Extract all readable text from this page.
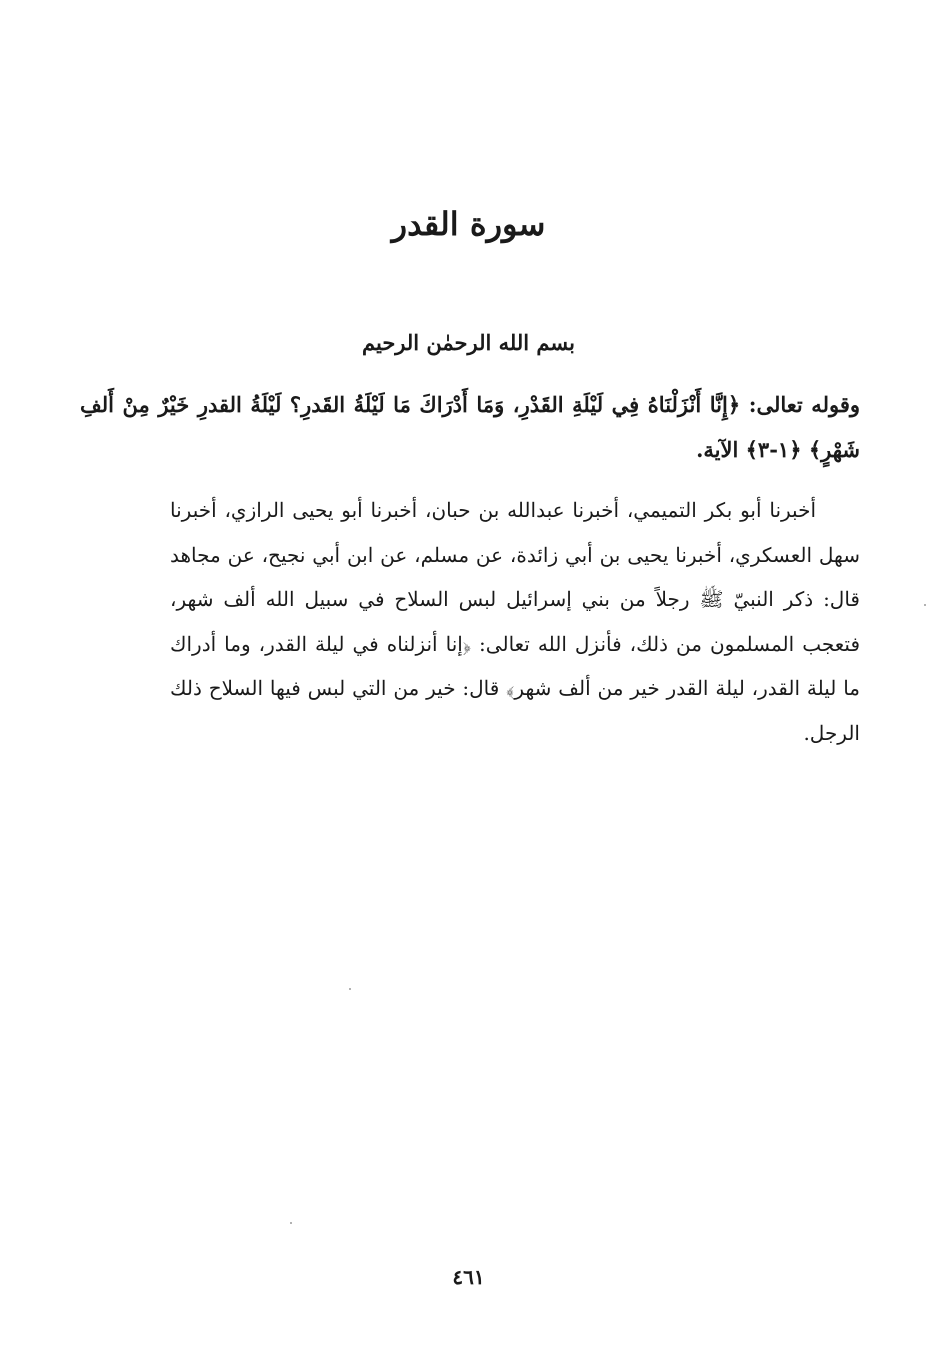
سورة القدر

بسم الله الرحمٰن الرحيم

وقوله تعالى: ﴿إِنَّا أَنْزَلْنَاهُ فِي لَيْلَةِ القَدْرِ، وَمَا أَدْرَاكَ مَا لَيْلَةُ القَدرِ؟ لَيْلَةُ القدرِ خَيْرٌ مِنْ أَلفِ شَهْرٍ﴾ ﴿١-٣﴾ الآية.

أخبرنا أبو بكر التميمي، أخبرنا عبدالله بن حبان، أخبرنا أبو يحيى الرازي، أخبرنا سهل العسكري، أخبرنا يحيى بن أبي زائدة، عن مسلم، عن ابن أبي نجيح، عن مجاهد قال: ذكر النبيّ ﷺ رجلاً من بني إسرائيل لبس السلاح في سبيل الله ألف شهر، فتعجب المسلمون من ذلك، فأنزل الله تعالى: ﴿إنا أنزلناه في ليلة القدر، وما أدراك ما ليلة القدر، ليلة القدر خير من ألف شهر﴾ قال: خير من التي لبس فيها السلاح ذلك الرجل.

٤٦١
